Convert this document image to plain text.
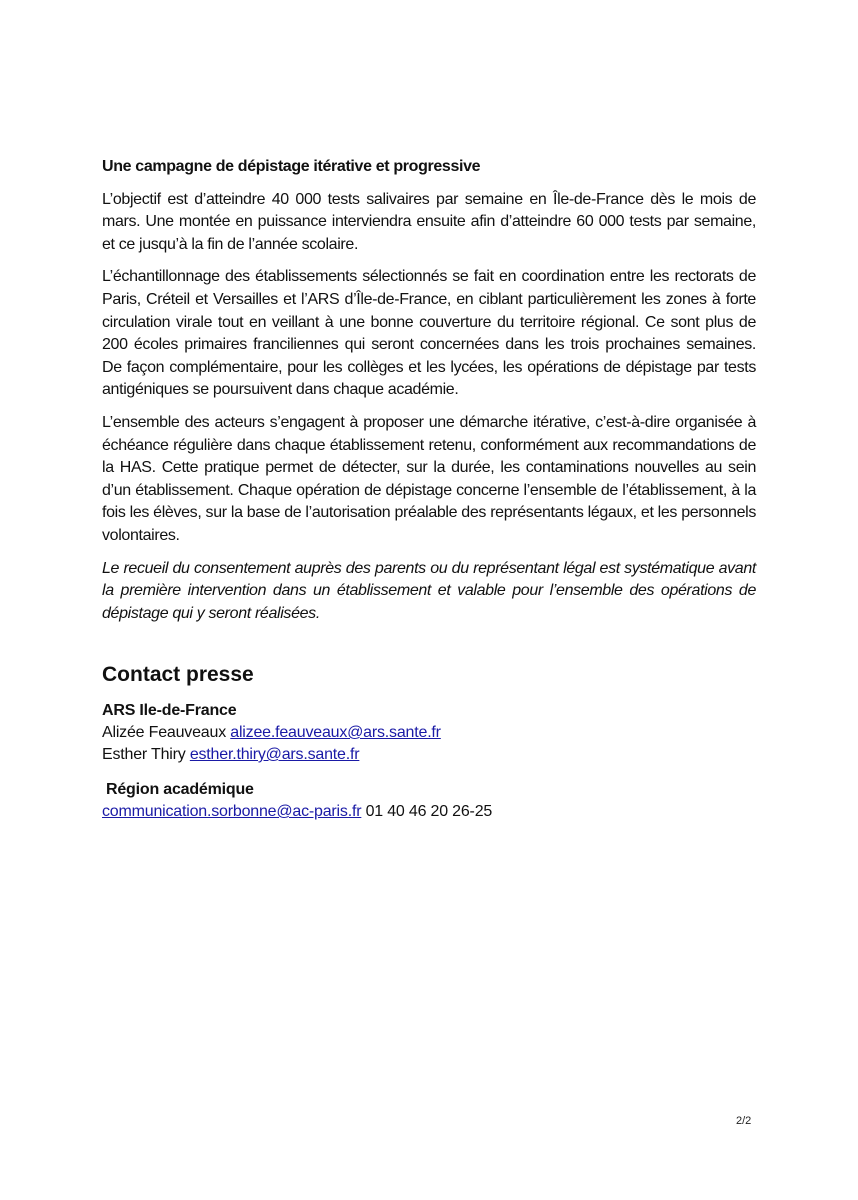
Une campagne de dépistage itérative et progressive

L’objectif est d’atteindre 40 000 tests salivaires par semaine en Île-de-France dès le mois de mars. Une montée en puissance interviendra ensuite afin d’atteindre 60 000 tests par semaine, et ce jusqu’à la fin de l’année scolaire.

L’échantillonnage des établissements sélectionnés se fait en coordination entre les rectorats de Paris, Créteil et Versailles et l’ARS d’Île-de-France, en ciblant particulièrement les zones à forte circulation virale tout en veillant à une bonne couverture du territoire régional. Ce sont plus de 200 écoles primaires franciliennes qui seront concernées dans les trois prochaines semaines. De façon complémentaire, pour les collèges et les lycées, les opérations de dépistage par tests antigéniques se poursuivent dans chaque académie.

L’ensemble des acteurs s’engagent à proposer une démarche itérative, c’est-à-dire organisée à échéance régulière dans chaque établissement retenu, conformément aux recommandations de la HAS. Cette pratique permet de détecter, sur la durée, les contaminations nouvelles au sein d’un établissement. Chaque opération de dépistage concerne l’ensemble de l’établissement, à la fois les élèves, sur la base de l’autorisation préalable des représentants légaux, et les personnels volontaires.

Le recueil du consentement auprès des parents ou du représentant légal est systématique avant la première intervention dans un établissement et valable pour l’ensemble des opérations de dépistage qui y seront réalisées.

Contact presse
ARS Ile-de-France
Alizée Feauveaux alizee.feauveaux@ars.sante.fr
Esther Thiry esther.thiry@ars.sante.fr
Région académique
communication.sorbonne@ac-paris.fr 01 40 46 20 26-25
2/2
